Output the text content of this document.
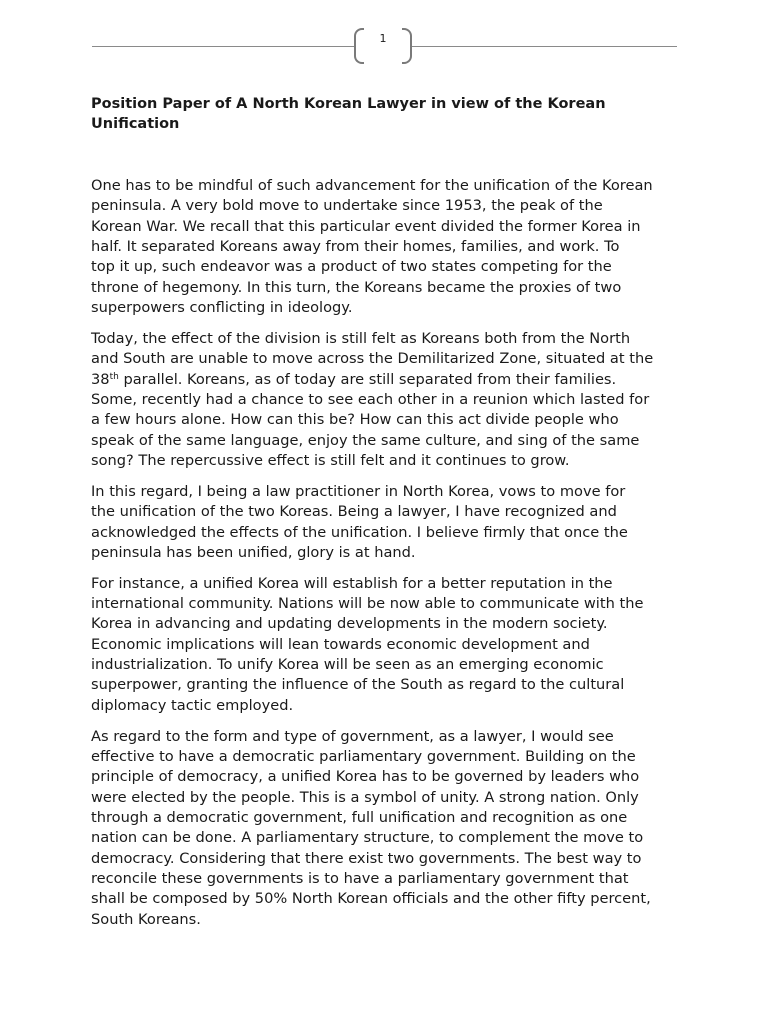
1
Position Paper of A North Korean Lawyer in view of the Korean
Unification

One has to be mindful of such advancement for the unification of the Korean
peninsula. A very bold move to undertake since 1953, the peak of the
Korean War. We recall that this particular event divided the former Korea in
half. It separated Koreans away from their homes, families, and work. To
top it up, such endeavor was a product of two states competing for the
throne of hegemony. In this turn, the Koreans became the proxies of two
superpowers conflicting in ideology.

Today, the effect of the division is still felt as Koreans both from the North
and South are unable to move across the Demilitarized Zone, situated at the
38th parallel. Koreans, as of today are still separated from their families.
Some, recently had a chance to see each other in a reunion which lasted for
a few hours alone. How can this be? How can this act divide people who
speak of the same language, enjoy the same culture, and sing of the same
song? The repercussive effect is still felt and it continues to grow.

In this regard, I being a law practitioner in North Korea, vows to move for
the unification of the two Koreas. Being a lawyer, I have recognized and
acknowledged the effects of the unification. I believe firmly that once the
peninsula has been unified, glory is at hand.

For instance, a unified Korea will establish for a better reputation in the
international community. Nations will be now able to communicate with the
Korea in advancing and updating developments in the modern society.
Economic implications will lean towards economic development and
industrialization. To unify Korea will be seen as an emerging economic
superpower, granting the influence of the South as regard to the cultural
diplomacy tactic employed.

As regard to the form and type of government, as a lawyer, I would see
effective to have a democratic parliamentary government. Building on the
principle of democracy, a unified Korea has to be governed by leaders who
were elected by the people. This is a symbol of unity. A strong nation. Only
through a democratic government, full unification and recognition as one
nation can be done. A parliamentary structure, to complement the move to
democracy. Considering that there exist two governments. The best way to
reconcile these governments is to have a parliamentary government that
shall be composed by 50% North Korean officials and the other fifty percent,
South Koreans.
